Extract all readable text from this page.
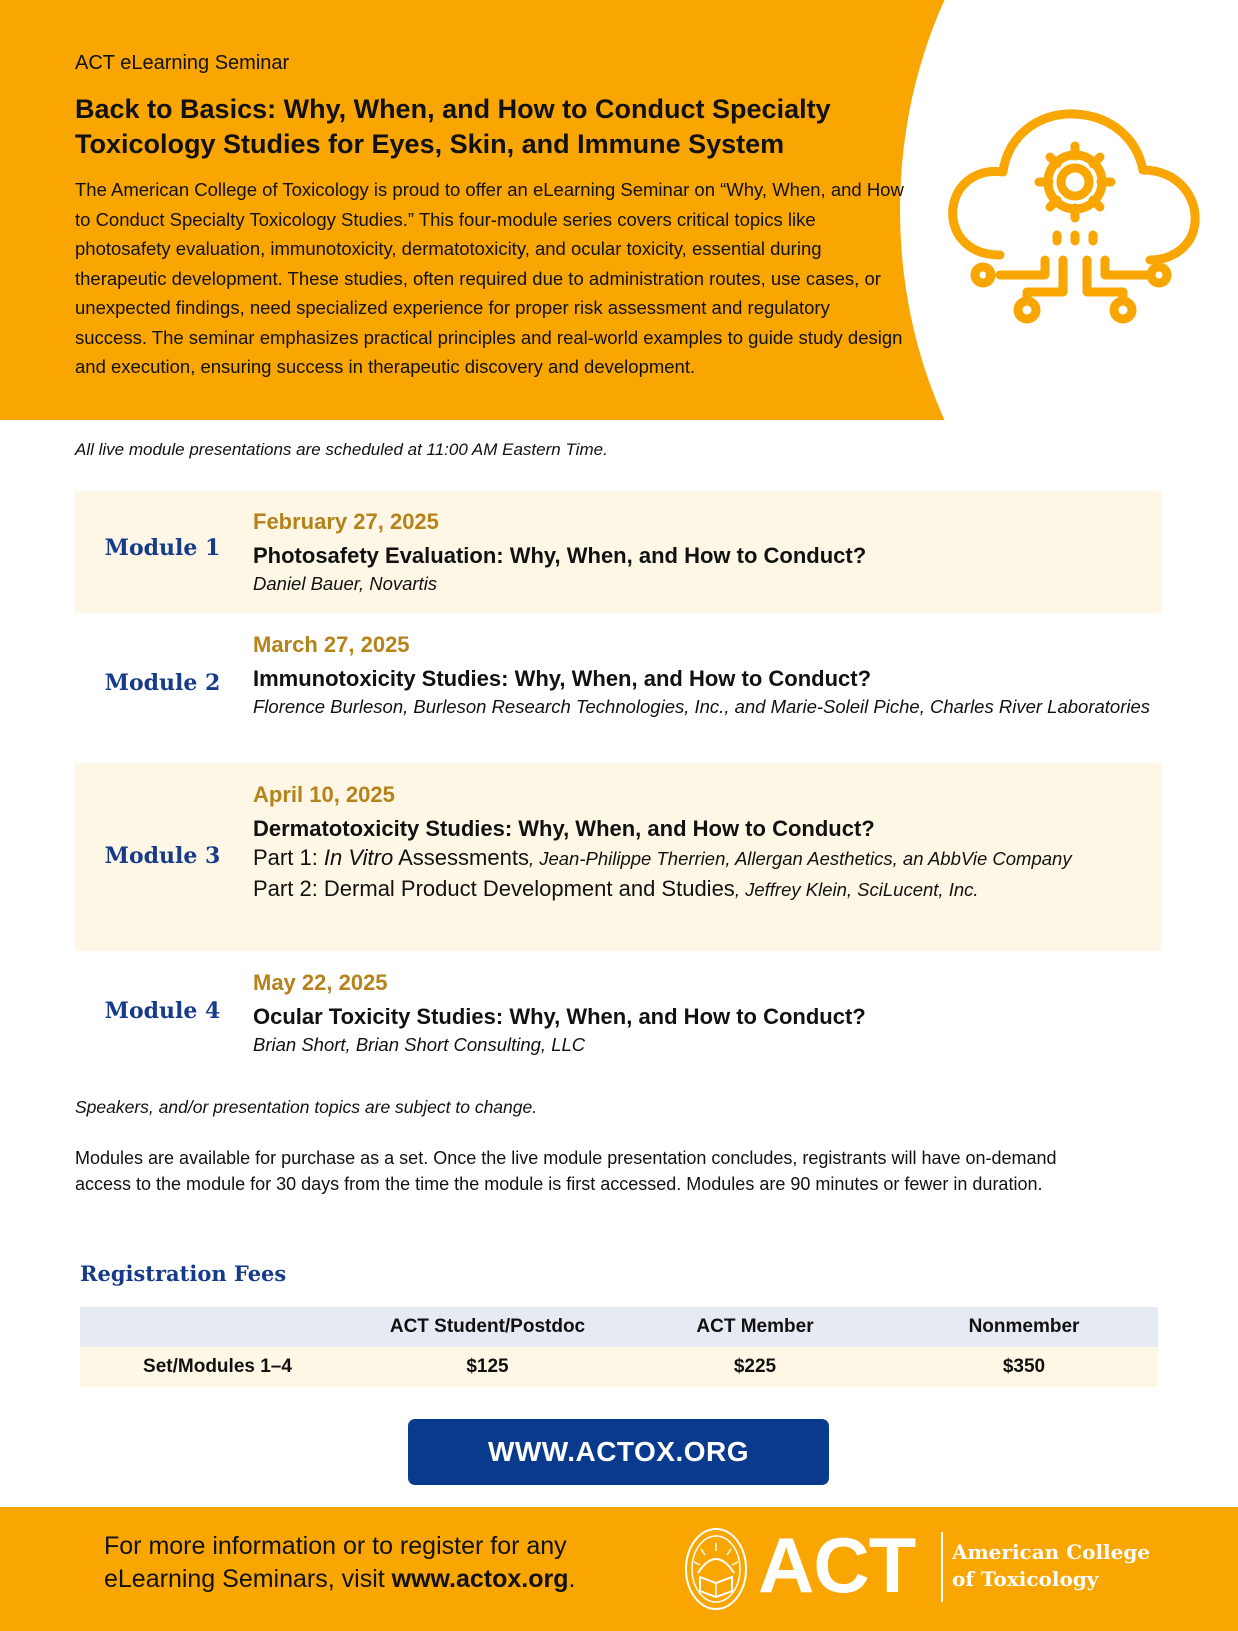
ACT eLearning Seminar
Back to Basics: Why, When, and How to Conduct Specialty Toxicology Studies for Eyes, Skin, and Immune System

The American College of Toxicology is proud to offer an eLearning Seminar on “Why, When, and How to Conduct Specialty Toxicology Studies.” This four-module series covers critical topics like photosafety evaluation, immunotoxicity, dermatotoxicity, and ocular toxicity, essential during therapeutic development. These studies, often required due to administration routes, use cases, or unexpected findings, need specialized experience for proper risk assessment and regulatory success. The seminar emphasizes practical principles and real-world examples to guide study design and execution, ensuring success in therapeutic discovery and development.

All live module presentations are scheduled at 11:00 AM Eastern Time.

Module 1
February 27, 2025
Photosafety Evaluation: Why, When, and How to Conduct?
Daniel Bauer, Novartis
Module 2
March 27, 2025
Immunotoxicity Studies: Why, When, and How to Conduct?
Florence Burleson, Burleson Research Technologies, Inc., and Marie-Soleil Piche, Charles River Laboratories
Module 3
April 10, 2025
Dermatotoxicity Studies: Why, When, and How to Conduct?
Part 1: In Vitro Assessments, Jean-Philippe Therrien, Allergan Aesthetics, an AbbVie Company
Part 2: Dermal Product Development and Studies, Jeffrey Klein, SciLucent, Inc.
Module 4
May 22, 2025
Ocular Toxicity Studies: Why, When, and How to Conduct?
Brian Short, Brian Short Consulting, LLC

Speakers, and/or presentation topics are subject to change.

Modules are available for purchase as a set. Once the live module presentation concludes, registrants will have on-demand access to the module for 30 days from the time the module is first accessed. Modules are 90 minutes or fewer in duration.

Registration Fees
	ACT Student/Postdoc	ACT Member	Nonmember
Set/Modules 1–4	$125	$225	$350
WWW.ACTOX.ORG

For more information or to register for any eLearning Seminars, visit www.actox.org.	ACT American College
of Toxicology
